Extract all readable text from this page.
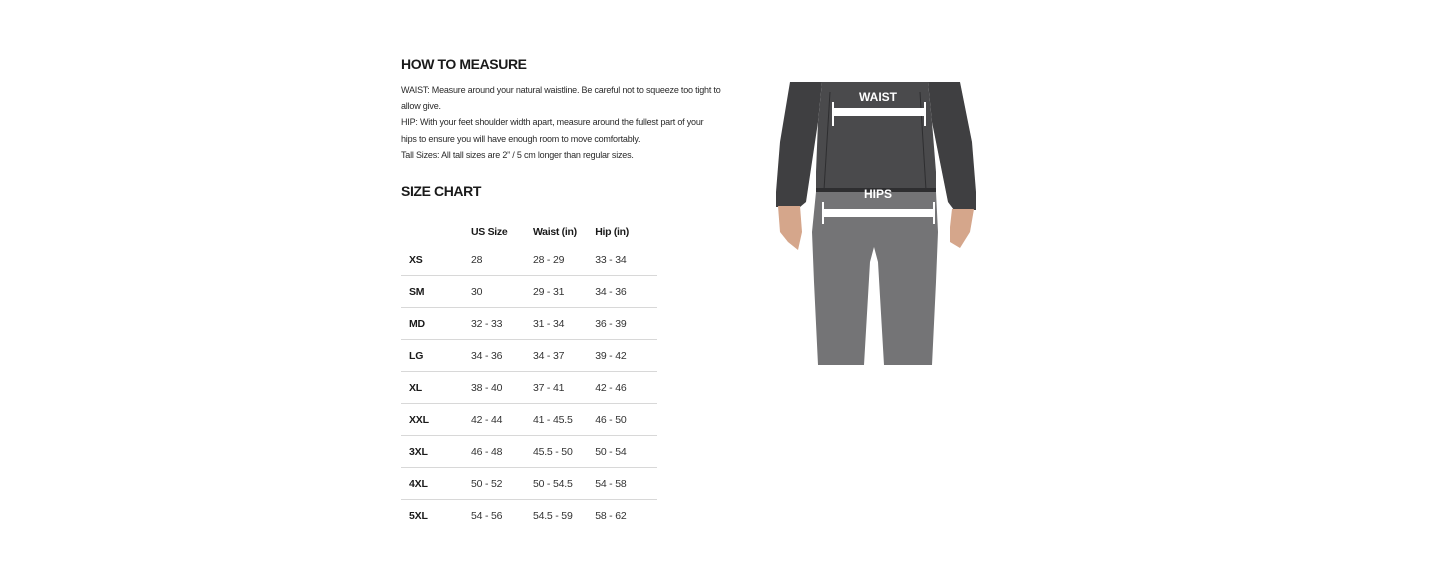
HOW TO MEASURE

WAIST: Measure around your natural waistline. Be careful not to squeeze too tight to allow give.

HIP: With your feet shoulder width apart, measure around the fullest part of your hips to ensure you will have enough room to move comfortably.

Tall Sizes: All tall sizes are 2” / 5 cm longer than regular sizes.

SIZE CHART
	US Size	Waist (in)	Hip (in)
XS	28	28 - 29	33 - 34
SM	30	29 - 31	34 - 36
MD	32 - 33	31 - 34	36 - 39
LG	34 - 36	34 - 37	39 - 42
XL	38 - 40	37 - 41	42 - 46
XXL	42 - 44	41 - 45.5	46 - 50
3XL	46 - 48	45.5 - 50	50 - 54
4XL	50 - 52	50 - 54.5	54 - 58
5XL	54 - 56	54.5 - 59	58 - 62
WAIST
HIPS
